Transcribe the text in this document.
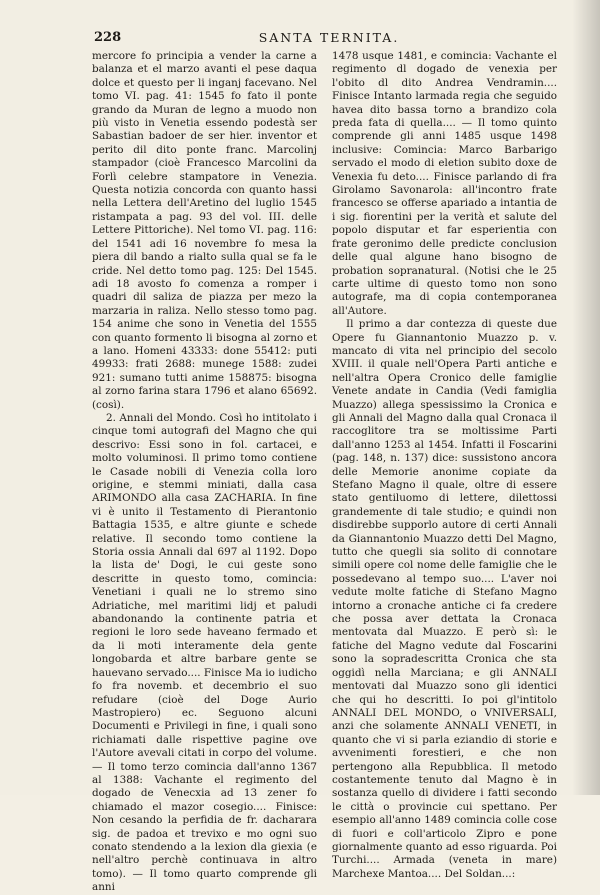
228	SANTA TERNITA.

mercore fo principia a vender la carne a balanza et el marzo avanti el pese daqua dolce et questo per li inganj facevano. Nel tomo VI. pag. 41: 1545 fo fato il ponte grando da Muran de legno a muodo non più visto in Venetia essendo podestà ser Sabastian badoer de ser hier. inventor et perito dil dito ponte franc. Marcolinj stampador (cioè Francesco Marcolini da Forlì celebre stampatore in Venezia. Questa notizia concorda con quanto hassi nella Lettera dell'Aretino del luglio 1545 ristampata a pag. 93 del vol. III. delle Lettere Pittoriche). Nel tomo VI. pag. 116: del 1541 adi 16 novembre fo mesa la piera dil bando a rialto sulla qual se fa le cride. Nel detto tomo pag. 125: Del 1545. adi 18 avosto fo comenza a romper i quadri dil saliza de piazza per mezo la marzaria in raliza. Nello stesso tomo pag. 154 anime che sono in Venetia del 1555 con quanto formento li bisogna al zorno et a lano. Homeni 43333: done 55412: puti 49933: frati 2688: munege 1588: zudei 921: sumano tutti anime 158875: bisogna al zorno farina stara 1796 et alano 65692. (così).

2. Annali del Mondo. Così ho intitolato i cinque tomi autografi del Magno che qui descrivo: Essi sono in fol. cartacei, e molto voluminosi. Il primo tomo contiene le Casade nobili di Venezia colla loro origine, e stemmi miniati, dalla casa ARIMONDO alla casa ZACHARIA. In fine vi è unito il Testamento di Pierantonio Battagia 1535, e altre giunte e schede relative. Il secondo tomo contiene la Storia ossia Annali dal 697 al 1192. Dopo la lista de' Dogi, le cui geste sono descritte in questo tomo, comincia: Venetiani i quali ne lo stremo sino Adriatiche, mel maritimi lidj et paludi abandonando la continente patria et regioni le loro sede haveano fermado et da li moti interamente dela gente longobarda et altre barbare gente se hauevano servado.... Finisce Ma io iudicho fo fra novemb. et decembrio el suo refudare (cioè del Doge Aurio Mastropiero) ec. Seguono alcuni Documenti e Privilegi in fine, i quali sono richiamati dalle rispettive pagine ove l'Autore avevali citati in corpo del volume. — Il tomo terzo comincia dall'anno 1367 al 1388: Vachante el regimento del dogado de Venecxia ad 13 zener fo chiamado el mazor cosegio.... Finisce: Non cesando la perfidia de fr. dacharara sig. de padoa et trevixo e mo ogni suo conato stendendo a la lexion dla giexia (e nell'altro perchè continuava in altro tomo). — Il tomo quarto comprende gli anni

1478 usque 1481, e comincia: Vachante el regimento dl dogado de venexia per l'obito dl dito Andrea Vendramin.... Finisce Intanto larmada regia che seguido havea dito bassa torno a brandizo cola preda fata di quella.... — Il tomo quinto comprende gli anni 1485 usque 1498 inclusive: Comincia: Marco Barbarigo servado el modo di eletion subito doxe de Venexia fu deto.... Finisce parlando di fra Girolamo Savonarola: all'incontro frate francesco se offerse apariado a intantia de i sig. fiorentini per la verità et salute del popolo disputar et far esperientia con frate geronimo delle predicte conclusion delle qual algune hano bisogno de probation sopranatural. (Notisi che le 25 carte ultime di questo tomo non sono autografe, ma di copia contemporanea all'Autore.

Il primo a dar contezza di queste due Opere fu Giannantonio Muazzo p. v. mancato di vita nel principio del secolo XVIII. il quale nell'Opera Parti antiche e nell'altra Opera Cronico delle famiglie Venete andate in Candia (Vedi famiglia Muazzo) allega spessissimo la Cronica e gli Annali del Magno dalla qual Cronaca il raccoglitore tra se moltissime Parti dall'anno 1253 al 1454. Infatti il Foscarini (pag. 148, n. 137) dice: sussistono ancora delle Memorie anonime copiate da Stefano Magno il quale, oltre di essere stato gentiluomo di lettere, dilettossi grandemente di tale studio; e quindi non disdirebbe supporlo autore di certi Annali da Giannantonio Muazzo detti Del Magno, tutto che quegli sia solito di connotare simili opere col nome delle famiglie che le possedevano al tempo suo.... L'aver noi vedute molte fatiche di Stefano Magno intorno a cronache antiche ci fa credere che possa aver dettata la Cronaca mentovata dal Muazzo. E però sì: le fatiche del Magno vedute dal Foscarini sono la sopradescritta Cronica che sta oggidì nella Marciana; e gli ANNALI mentovati dal Muazzo sono gli identici che qui ho descritti. Io poi gl'intitolo ANNALI DEL MONDO, o VNIVERSALI, anzi che solamente ANNALI VENETI, in quanto che vi si parla eziandio di storie e avvenimenti forestieri, e che non pertengono alla Repubblica. Il metodo costantemente tenuto dal Magno è in sostanza quello di dividere i fatti secondo le città o provincie cui spettano. Per esempio all'anno 1489 comincia colle cose di fuori e coll'articolo Zipro e pone giornalmente quanto ad esso riguarda. Poi Turchi.... Armada (veneta in mare) Marchexe Mantoa.... Del Soldan...:
